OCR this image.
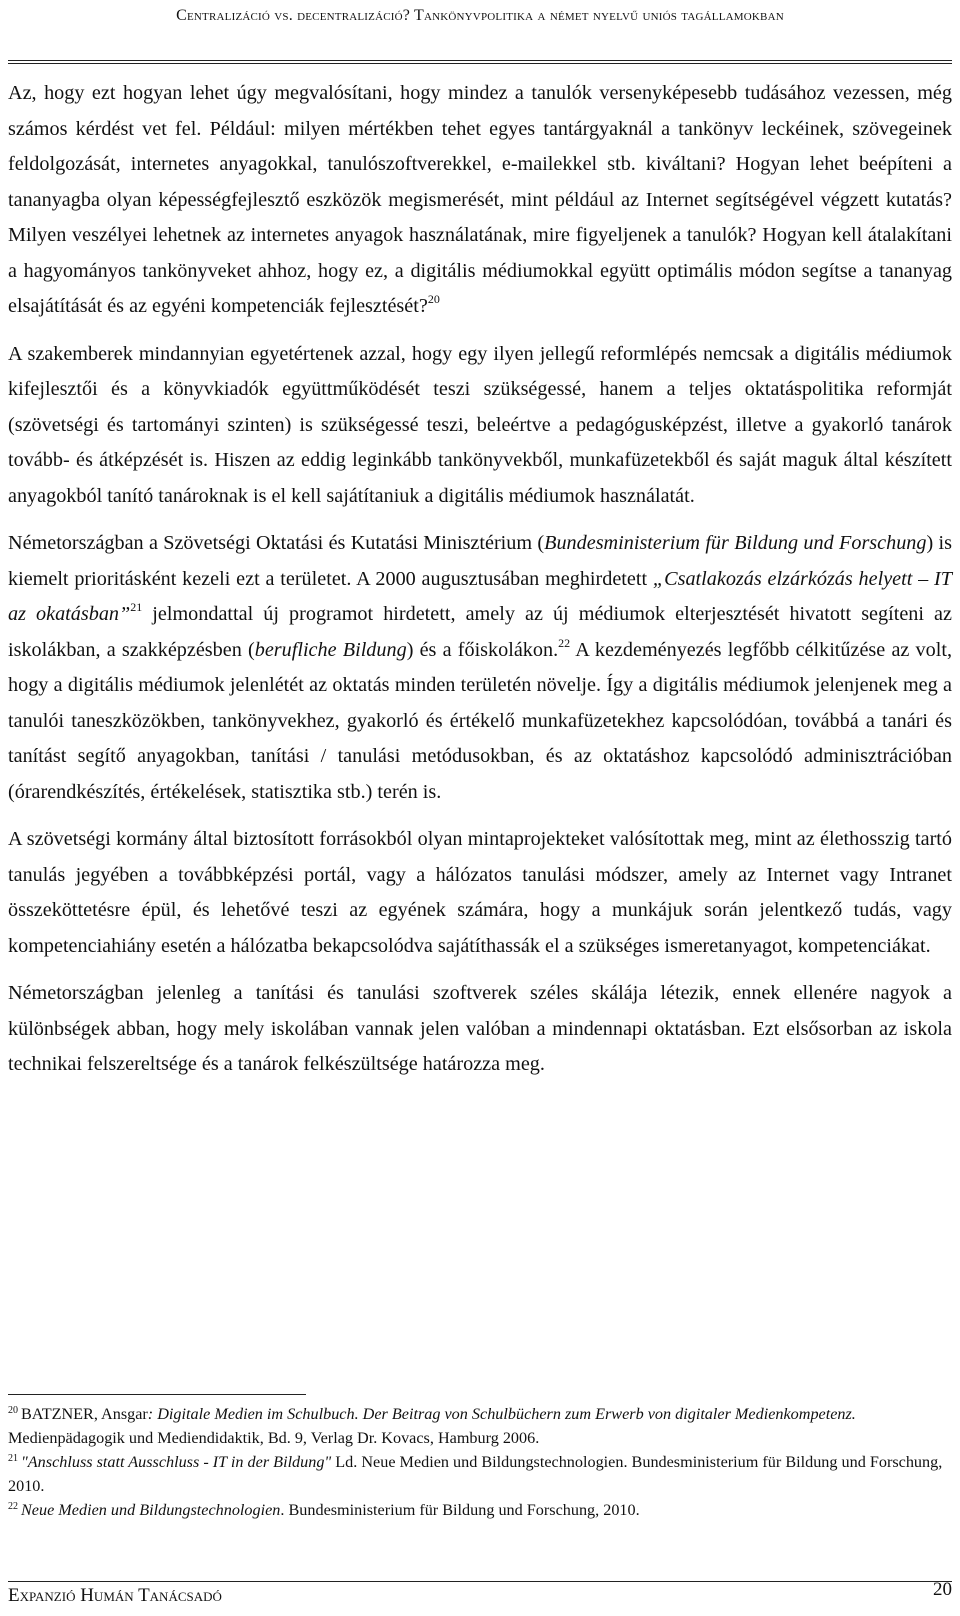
Centralizáció vs. decentralizáció? Tankönyvpolitika a német nyelvű uniós tagállamokban

Az, hogy ezt hogyan lehet úgy megvalósítani, hogy mindez a tanulók versenyképesebb tudásához vezessen, még számos kérdést vet fel. Például: milyen mértékben tehet egyes tantárgyaknál a tankönyv leckéinek, szövegeinek feldolgozását, internetes anyagokkal, tanulószoftverekkel, e-mailekkel stb. kiváltani? Hogyan lehet beépíteni a tananyagba olyan képességfejlesztő eszközök megismerését, mint például az Internet segítségével végzett kutatás? Milyen veszélyei lehetnek az internetes anyagok használatának, mire figyeljenek a tanulók? Hogyan kell átalakítani a hagyományos tankönyveket ahhoz, hogy ez, a digitális médiumokkal együtt optimális módon segítse a tananyag elsajátítását és az egyéni kompetenciák fejlesztését?$^{20}$

A szakemberek mindannyian egyetértenek azzal, hogy egy ilyen jellegű reformlépés nemcsak a digitális médiumok kifejlesztői és a könyvkiadók együttműködését teszi szükségessé, hanem a teljes oktatáspolitika reformját (szövetségi és tartományi szinten) is szükségessé teszi, beleértve a pedagógusképzést, illetve a gyakorló tanárok tovább- és átképzését is. Hiszen az eddig leginkább tankönyvekből, munkafüzetekből és saját maguk által készített anyagokból tanító tanároknak is el kell sajátítaniuk a digitális médiumok használatát.

Németországban a Szövetségi Oktatási és Kutatási Minisztérium (Bundesministerium für Bildung und Forschung) is kiemelt prioritásként kezeli ezt a területet. A 2000 augusztusában meghirdetett „Csatlakozás elzárkózás helyett – IT az okatásban”$^{21}$ jelmondattal új programot hirdetett, amely az új médiumok elterjesztését hivatott segíteni az iskolákban, a szakképzésben (berufliche Bildung) és a főiskolákon.$^{22}$ A kezdeményezés legfőbb célkitűzése az volt, hogy a digitális médiumok jelenlétét az oktatás minden területén növelje. Így a digitális médiumok jelenjenek meg a tanulói taneszközökben, tankönyvekhez, gyakorló és értékelő munkafüzetekhez kapcsolódóan, továbbá a tanári és tanítást segítő anyagokban, tanítási / tanulási metódusokban, és az oktatáshoz kapcsolódó adminisztrációban (órarendkészítés, értékelések, statisztika stb.) terén is.

A szövetségi kormány által biztosított forrásokból olyan mintaprojekteket valósítottak meg, mint az élethosszig tartó tanulás jegyében a továbbképzési portál, vagy a hálózatos tanulási módszer, amely az Internet vagy Intranet összeköttetésre épül, és lehetővé teszi az egyének számára, hogy a munkájuk során jelentkező tudás, vagy kompetenciahiány esetén a hálózatba bekapcsolódva sajátíthassák el a szükséges ismeretanyagot, kompetenciákat.

Németországban jelenleg a tanítási és tanulási szoftverek széles skálája létezik, ennek ellenére nagyok a különbségek abban, hogy mely iskolában vannak jelen valóban a mindennapi oktatásban. Ezt elsősorban az iskola technikai felszereltsége és a tanárok felkészültsége határozza meg.

$^{20}$ BATZNER, Ansgar: Digitale Medien im Schulbuch. Der Beitrag von Schulbüchern zum Erwerb von digitaler Medienkompetenz. Medienpädagogik und Mediendidaktik, Bd. 9, Verlag Dr. Kovacs, Hamburg 2006.

$^{21}$ "Anschluss statt Ausschluss - IT in der Bildung" Ld. Neue Medien und Bildungstechnologien. Bundesministerium für Bildung und Forschung, 2010.

$^{22}$ Neue Medien und Bildungstechnologien. Bundesministerium für Bildung und Forschung, 2010.

Expanzió Humán Tanácsadó	20
